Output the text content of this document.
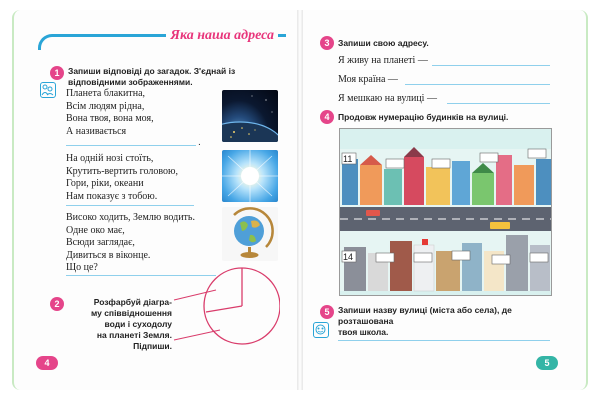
Яка наша адреса
1	Запиши відповіді до загадок. З'єднай із відповідними зображеннями.
Планета блакитна,
Всім людям рідна,
Вона твоя, вона моя,
А називається
.
На одній нозі стоїть,
Крутить-вертить головою,
Гори, ріки, океани
Нам показує з тобою.
Високо ходить, Землю водить.
Одне око має,
Всюди заглядає,
Дивиться в віконце.
Що це?
2	Розфарбуй діагра-
му співвідношення
води і суходолу
на планеті Земля.
Підпиши.
4
3	Запиши свою адресу.
Я живу на планеті —
Моя країна —
Я мешкаю на вулиці —
4	Продовж нумерацію будинків на вулиці.
11
14
5	Запиши назву вулиці (міста або села), де розташована
твоя школа.
5
